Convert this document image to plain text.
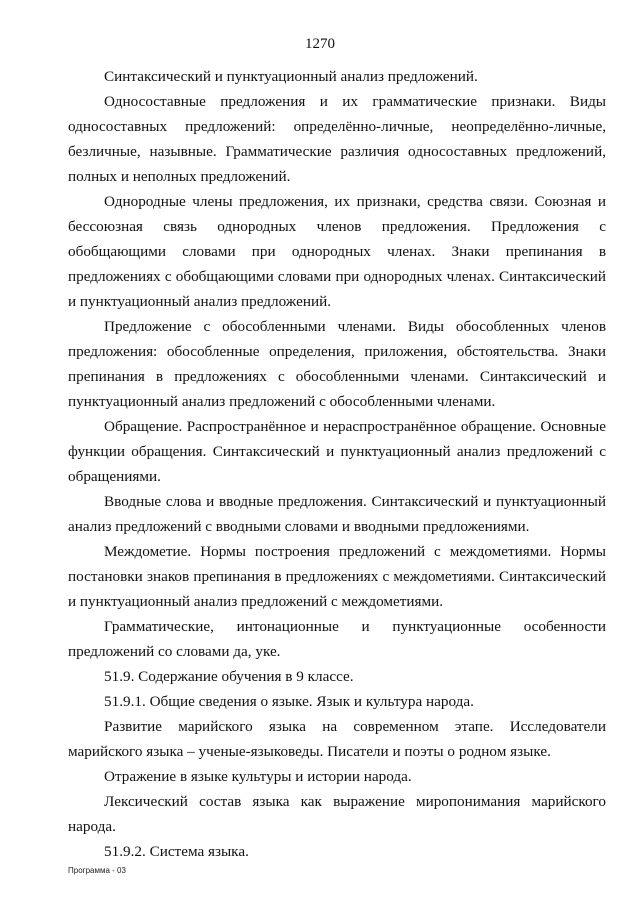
1270

Синтаксический и пунктуационный анализ предложений.

Односоставные предложения и их грамматические признаки. Виды односоставных предложений: определённо-личные, неопределённо-личные, безличные, назывные. Грамматические различия односоставных предложений, полных и неполных предложений.

Однородные члены предложения, их признаки, средства связи. Союзная и бессоюзная связь однородных членов предложения. Предложения с обобщающими словами при однородных членах. Знаки препинания в предложениях с обобщающими словами при однородных членах. Синтаксический и пунктуационный анализ предложений.

Предложение с обособленными членами. Виды обособленных членов предложения: обособленные определения, приложения, обстоятельства. Знаки препинания в предложениях с обособленными членами. Синтаксический и пунктуационный анализ предложений с обособленными членами.

Обращение. Распространённое и нераспространённое обращение. Основные функции обращения. Синтаксический и пунктуационный анализ предложений с обращениями.

Вводные слова и вводные предложения. Синтаксический и пунктуационный анализ предложений с вводными словами и вводными предложениями.

Междометие. Нормы построения предложений с междометиями. Нормы постановки знаков препинания в предложениях с междометиями. Синтаксический и пунктуационный анализ предложений с междометиями.

Грамматические, интонационные и пунктуационные особенности предложений со словами да, уке.

51.9. Содержание обучения в 9 классе.

51.9.1. Общие сведения о языке. Язык и культура народа.

Развитие марийского языка на современном этапе. Исследователи марийского языка – ученые-языковеды. Писатели и поэты о родном языке.

Отражение в языке культуры и истории народа.

Лексический состав языка как выражение миропонимания марийского народа.

51.9.2. Система языка.

Программа - 03
